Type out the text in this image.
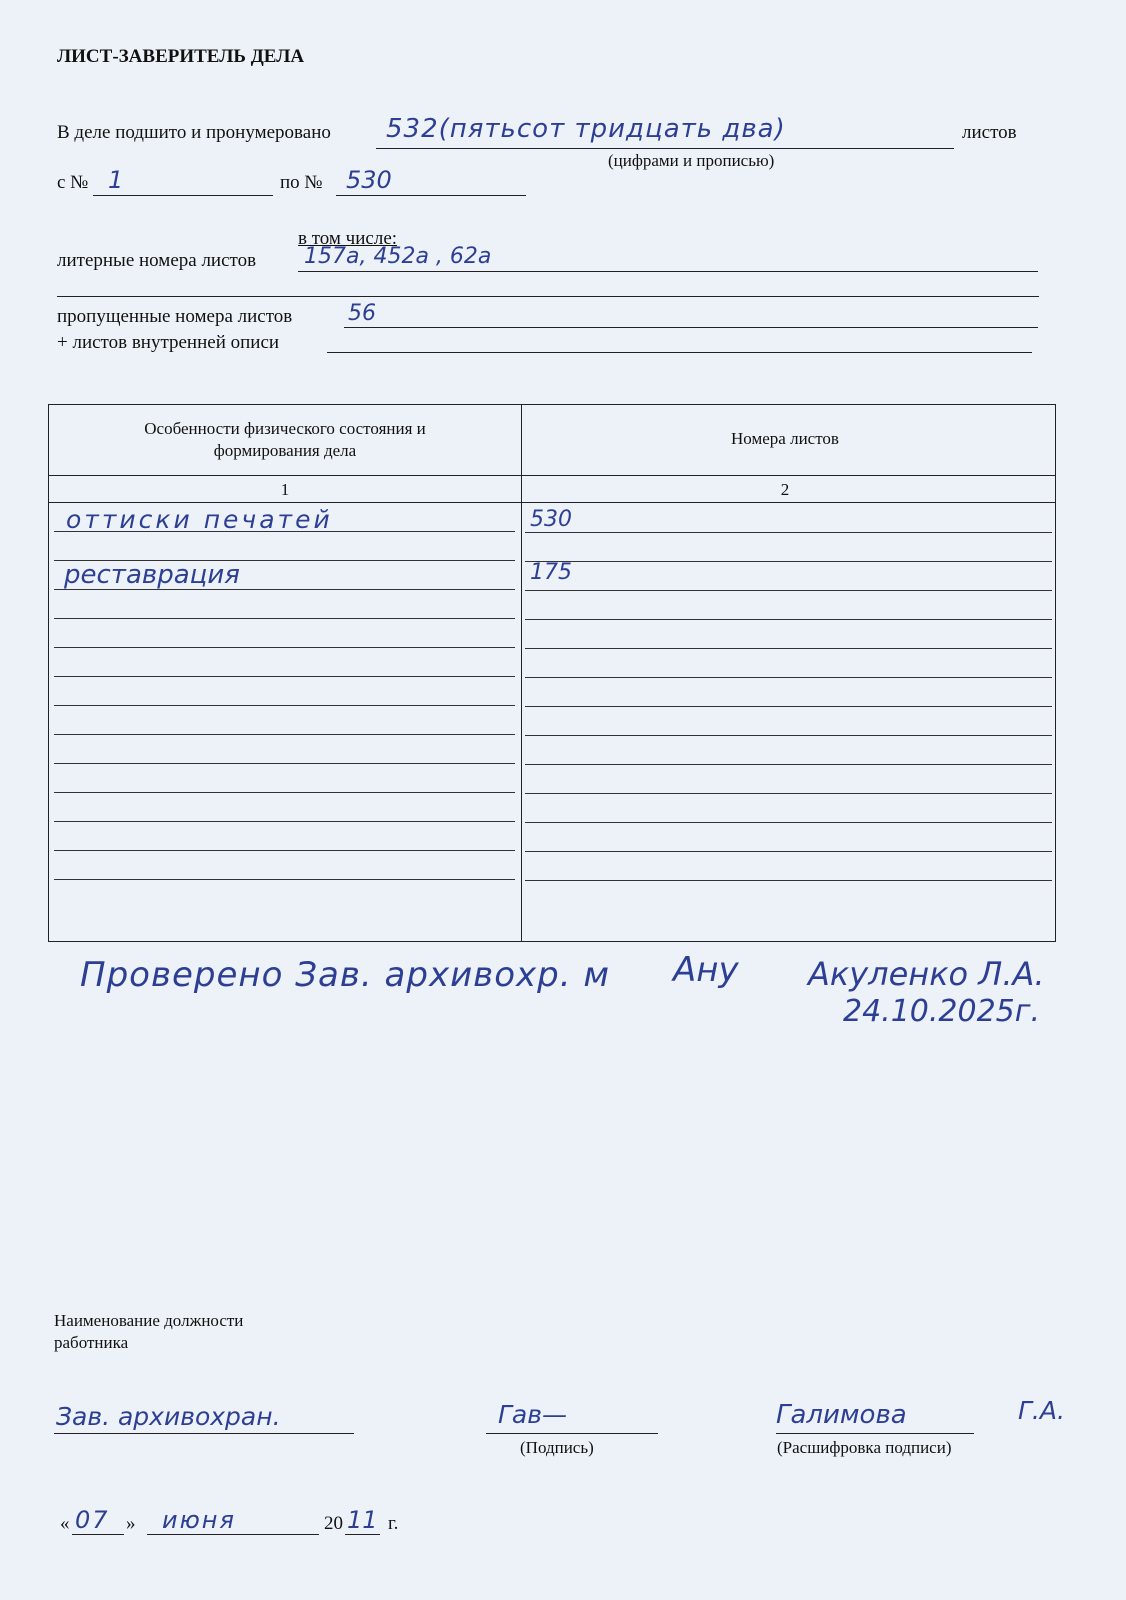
ЛИСТ-ЗАВЕРИТЕЛЬ ДЕЛА
В деле подшито и пронумеровано 532(пятьсот тридцать два)	листов
(цифрами и прописью)
с № 1	по № 530
в том числе:
литерные номера листов 157а, 452а , 62а
пропущенные номера листов	56
+ листов внутренней описи
Особенности физического состояния и формирования дела
Номера листов
1	2
оттиски печатей	530
реставрация	175
Проверено Зав. архивохр. м Ану Акуленко Л.А.
24.10.2025г.
Наименование должности
работника
Зав. архивохран.	Гав—
(Подпись)
Галимова	Г.А.
(Расшифровка подписи)
« 07 » июня	20 11 г.
